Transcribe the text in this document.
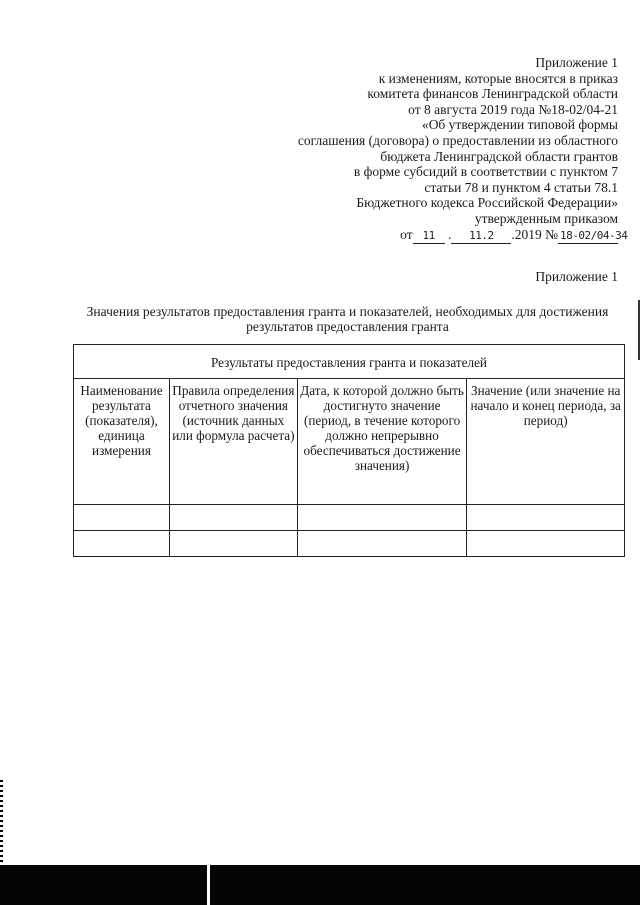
Приложение 1
к изменениям, которые вносятся в приказ
комитета финансов Ленинградской области
от 8 августа 2019 года №18-02/04-21
«Об утверждении типовой формы
соглашения (договора) о предоставлении из областного
бюджета Ленинградской области грантов
в форме субсидий в соответствии с пунктом 7
статьи 78 и пунктом 4 статьи 78.1
Бюджетного кодекса Российской Федерации»
утвержденным приказом
от 11 . 11.2 .2019 № 18-02/04-34
Приложение 1
Значения результатов предоставления гранта и показателей, необходимых для достижения результатов предоставления гранта
Результаты предоставления гранта и показателей			
Наименование результата (показателя), единица измерения	Правила определения отчетного значения (источник данных или формула расчета)	Дата, к которой должно быть достигнуто значение (период, в течение которого должно непрерывно обеспечиваться достижение значения)	Значение (или значение на начало и конец периода, за период)
